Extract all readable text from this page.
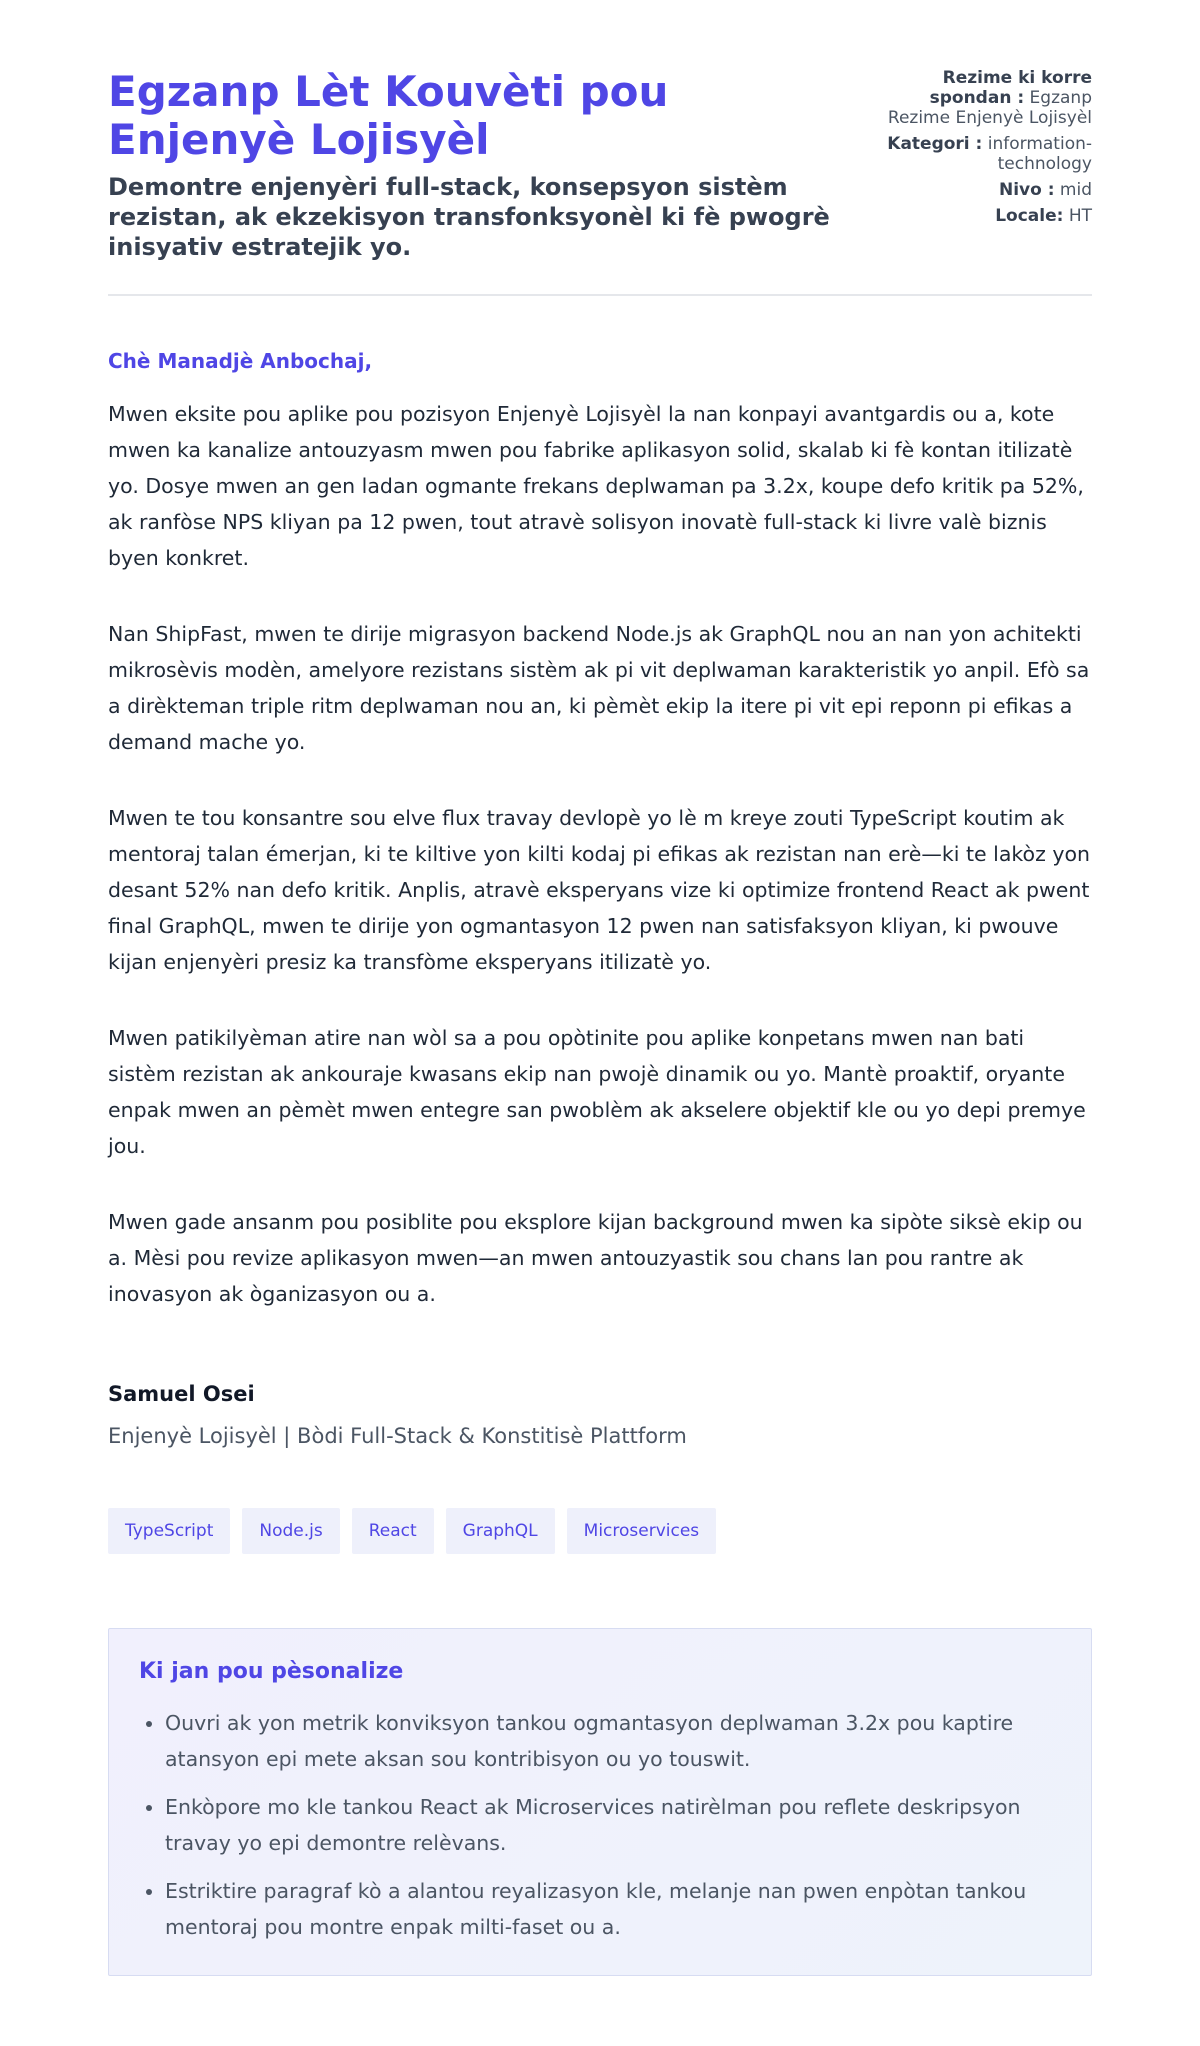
Egzanp Lèt Kouvèti pou Enjenyè Lojisyèl

Demontre enjenyèri full-stack, konsepsyon sistèm rezistan, ak ekzekisyon transfonksyonèl ki fè pwogrè inisyativ estratejik yo.

Rezime ki korre spondan : Egzanp Rezime Enjenyè Lojisyèl
Kategori : information-technology
Nivo : mid
Locale: HT

Chè Manadjè Anbochaj,

Mwen eksite pou aplike pou pozisyon Enjenyè Lojisyèl la nan konpayi avantgardis ou a, kote mwen ka kanalize antouzyasm mwen pou fabrike aplikasyon solid, skalab ki fè kontan itilizatè yo. Dosye mwen an gen ladan ogmante frekans deplwaman pa 3.2x, koupe defo kritik pa 52%, ak ranfòse NPS kliyan pa 12 pwen, tout atravè solisyon inovatè full-stack ki livre valè biznis byen konkret.

Nan ShipFast, mwen te dirije migrasyon backend Node.js ak GraphQL nou an nan yon achitekti mikrosèvis modèn, amelyore rezistans sistèm ak pi vit deplwaman karakteristik yo anpil. Efò sa a dirèkteman triple ritm deplwaman nou an, ki pèmèt ekip la itere pi vit epi reponn pi efikas a demand mache yo.

Mwen te tou konsantre sou elve flux travay devlopè yo lè m kreye zouti TypeScript koutim ak mentoraj talan émerjan, ki te kiltive yon kilti kodaj pi efikas ak rezistan nan erè—ki te lakòz yon desant 52% nan defo kritik. Anplis, atravè eksperyans vize ki optimize frontend React ak pwent final GraphQL, mwen te dirije yon ogmantasyon 12 pwen nan satisfaksyon kliyan, ki pwouve kijan enjenyèri presiz ka transfòme eksperyans itilizatè yo.

Mwen patikilyèman atire nan wòl sa a pou opòtinite pou aplike konpetans mwen nan bati sistèm rezistan ak ankouraje kwasans ekip nan pwojè dinamik ou yo. Mantè proaktif, oryante enpak mwen an pèmèt mwen entegre san pwoblèm ak akselere objektif kle ou yo depi premye jou.

Mwen gade ansanm pou posiblite pou eksplore kijan background mwen ka sipòte siksè ekip ou a. Mèsi pou revize aplikasyon mwen—an mwen antouzyastik sou chans lan pou rantre ak inovasyon ak òganizasyon ou a.

Samuel Osei
Enjenyè Lojisyèl | Bòdi Full-Stack & Konstitisè Plattform
TypeScript	Node.js	React	GraphQL	Microservices
Ki jan pou pèsonalize
• Ouvri ak yon metrik konviksyon tankou ogmantasyon deplwaman 3.2x pou kaptire atansyon epi mete aksan sou kontribisyon ou yo touswit.
• Enkòpore mo kle tankou React ak Microservices natirèlman pou reflete deskripsyon travay yo epi demontre relèvans.
• Estriktire paragraf kò a alantou reyalizasyon kle, melanje nan pwen enpòtan tankou mentoraj pou montre enpak milti-faset ou a.
